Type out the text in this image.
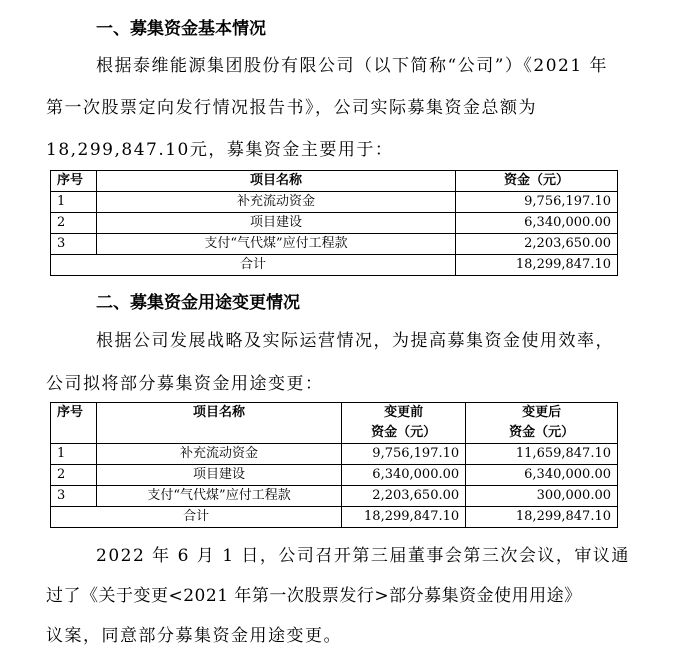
一、募集资金基本情况
根据泰维能源集团股份有限公司（以下简称“公司”）《2021 年
第一次股票定向发行情况报告书》，公司实际募集资金总额为
18,299,847.10元，募集资金主要用于：
序号	项目名称	资金（元）
1	补充流动资金	9,756,197.10
2	项目建设	6,340,000.00
3	支付“气代煤”应付工程款	2,203,650.00
合计		18,299,847.10
二、募集资金用途变更情况
根据公司发展战略及实际运营情况，为提高募集资金使用效率，
公司拟将部分募集资金用途变更：
序号	项目名称	变更前	变更后
		资金（元）	资金（元）
1	补充流动资金	9,756,197.10	11,659,847.10
2	项目建设	6,340,000.00	6,340,000.00
3	支付“气代煤”应付工程款	2,203,650.00	300,000.00
合计		18,299,847.10	18,299,847.10
2022 年 6 月 1 日，公司召开第三届董事会第三次会议，审议通
过了《关于变更<2021 年第一次股票发行>部分募集资金使用用途》
议案，同意部分募集资金用途变更。
